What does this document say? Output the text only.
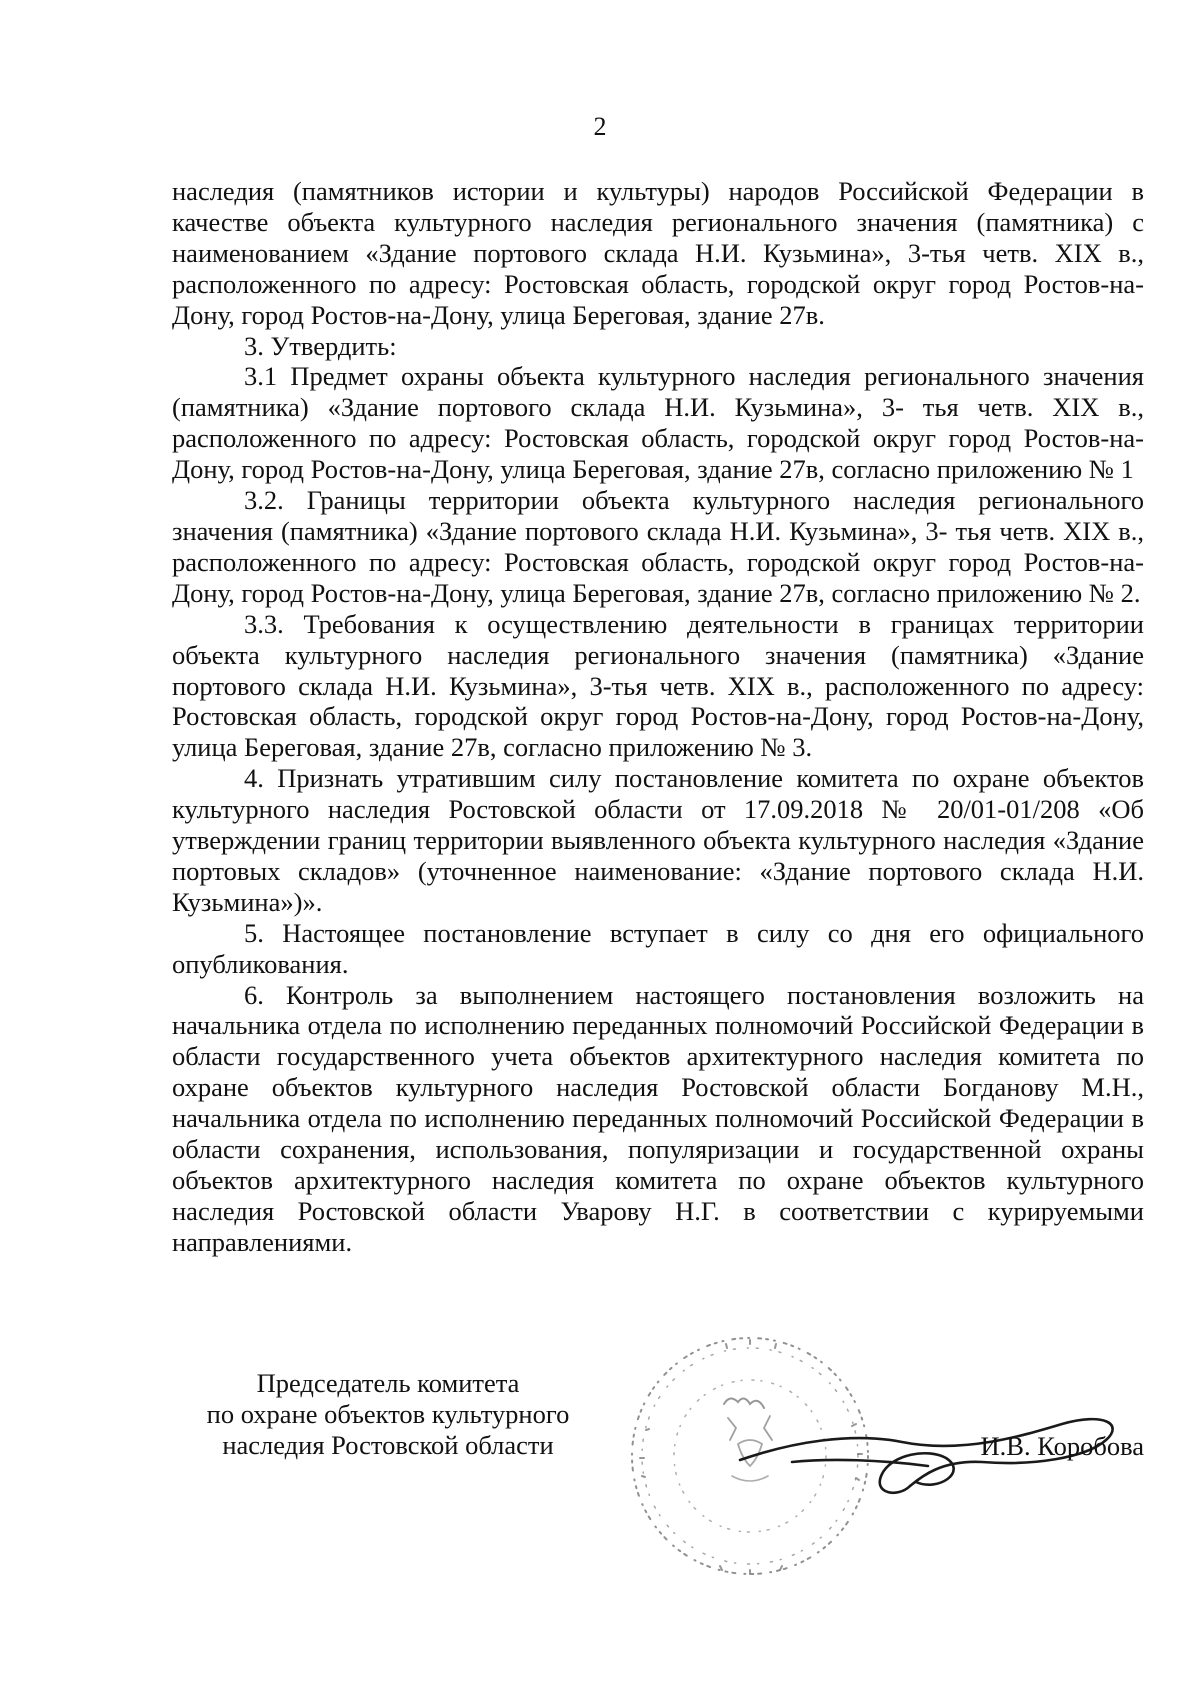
2

наследия (памятников истории и культуры) народов Российской Федерации в качестве объекта культурного наследия регионального значения (памятника) с наименованием «Здание портового склада Н.И. Кузьмина», 3-тья четв. XIX в., расположенного по адресу: Ростовская область, городской округ город Ростов-на-Дону, город Ростов-на-Дону, улица Береговая, здание 27в.

3. Утвердить:

3.1 Предмет охраны объекта культурного наследия регионального значения (памятника) «Здание портового склада Н.И. Кузьмина», 3- тья четв. XIX в., расположенного по адресу: Ростовская область, городской округ город Ростов-на-Дону, город Ростов-на-Дону, улица Береговая, здание 27в, согласно приложению № 1

3.2. Границы территории объекта культурного наследия регионального значения (памятника) «Здание портового склада Н.И. Кузьмина», 3- тья четв. XIX в., расположенного по адресу: Ростовская область, городской округ город Ростов-на-Дону, город Ростов-на-Дону, улица Береговая, здание 27в, согласно приложению № 2.

3.3. Требования к осуществлению деятельности в границах территории объекта культурного наследия регионального значения (памятника) «Здание портового склада Н.И. Кузьмина», 3-тья четв. XIX в., расположенного по адресу: Ростовская область, городской округ город Ростов-на-Дону, город Ростов-на-Дону, улица Береговая, здание 27в, согласно приложению № 3.

4. Признать утратившим силу постановление комитета по охране объектов культурного наследия Ростовской области от 17.09.2018 № 20/01-01/208 «Об утверждении границ территории выявленного объекта культурного наследия «Здание портовых складов» (уточненное наименование: «Здание портового склада Н.И. Кузьмина»)».

5. Настоящее постановление вступает в силу со дня его официального опубликования.

6. Контроль за выполнением настоящего постановления возложить на начальника отдела по исполнению переданных полномочий Российской Федерации в области государственного учета объектов архитектурного наследия комитета по охране объектов культурного наследия Ростовской области Богданову М.Н., начальника отдела по исполнению переданных полномочий Российской Федерации в области сохранения, использования, популяризации и государственной охраны объектов архитектурного наследия комитета по охране объектов культурного наследия Ростовской области Уварову Н.Г. в соответствии с курируемыми направлениями.

Председатель комитета
по охране объектов культурного
наследия Ростовской области	И.В. Коробова
